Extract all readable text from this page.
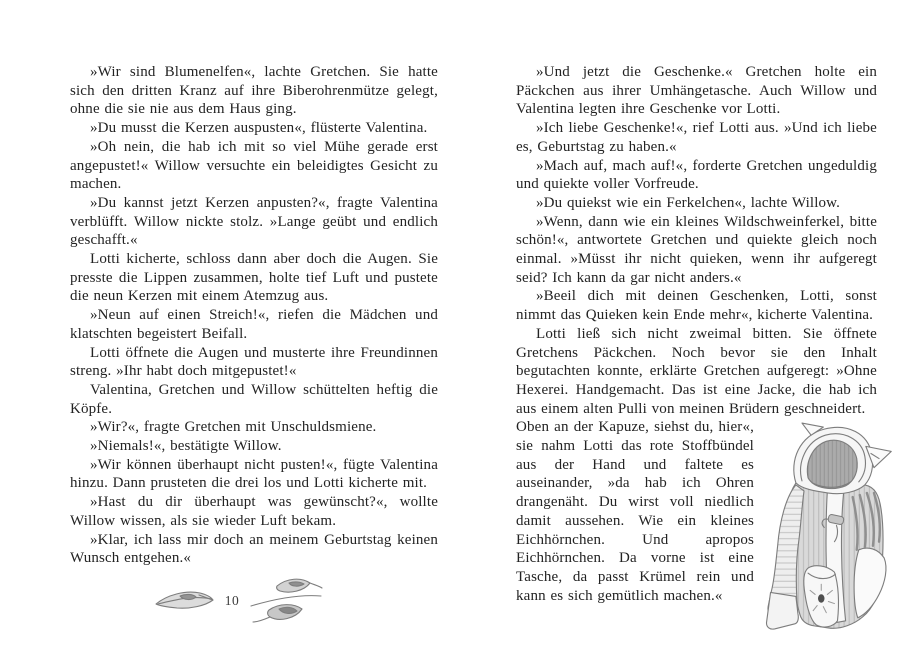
»Wir sind Blumenelfen«, lachte Gretchen. Sie hatte sich den dritten Kranz auf ihre Biberohrenmütze gelegt, ohne die sie nie aus dem Haus ging.

»Du musst die Kerzen auspusten«, flüsterte Valentina.

»Oh nein, die hab ich mit so viel Mühe gerade erst angepustet!« Willow versuchte ein beleidigtes Gesicht zu machen.

»Du kannst jetzt Kerzen anpusten?«, fragte Valentina verblüfft. Willow nickte stolz. »Lange geübt und endlich geschafft.«

Lotti kicherte, schloss dann aber doch die Augen. Sie presste die Lippen zusammen, holte tief Luft und pustete die neun Kerzen mit einem Atemzug aus.

»Neun auf einen Streich!«, riefen die Mädchen und klatschten begeistert Beifall.

Lotti öffnete die Augen und musterte ihre Freundinnen streng. »Ihr habt doch mitgepustet!«

Valentina, Gretchen und Willow schüttelten heftig die Köpfe.

»Wir?«, fragte Gretchen mit Unschuldsmiene.

»Niemals!«, bestätigte Willow.

»Wir können überhaupt nicht pusten!«, fügte Valentina hinzu. Dann prusteten die drei los und Lotti kicherte mit.

»Hast du dir überhaupt was gewünscht?«, wollte Willow wissen, als sie wieder Luft bekam.

»Klar, ich lass mir doch an meinem Geburtstag keinen Wunsch entgehen.«

10

»Und jetzt die Geschenke.« Gretchen holte ein Päckchen aus ihrer Umhängetasche. Auch Willow und Valentina legten ihre Geschenke vor Lotti.

»Ich liebe Geschenke!«, rief Lotti aus. »Und ich liebe es, Geburtstag zu haben.«

»Mach auf, mach auf!«, forderte Gretchen ungeduldig und quiekte voller Vorfreude.

»Du quiekst wie ein Ferkelchen«, lachte Willow.

»Wenn, dann wie ein kleines Wildschweinferkel, bitte schön!«, antwortete Gretchen und quiekte gleich noch einmal. »Müsst ihr nicht quieken, wenn ihr aufgeregt seid? Ich kann da gar nicht anders.«

»Beeil dich mit deinen Geschenken, Lotti, sonst nimmt das Quieken kein Ende mehr«, kicherte Valentina.

Lotti ließ sich nicht zweimal bitten. Sie öffnete Gretchens Päckchen. Noch bevor sie den Inhalt begutachten konnte, erklärte Gretchen aufgeregt: »Ohne Hexerei. Handgemacht. Das ist eine Jacke, die hab ich aus einem alten Pulli von meinen Brüdern geschneidert.

Oben an der Kapuze, siehst du, hier«, sie nahm Lotti das rote Stoffbündel aus der Hand und faltete es auseinander, »da hab ich Ohren drangenäht. Du wirst voll niedlich damit aussehen. Wie ein kleines Eichhörnchen. Und apropos Eichhörnchen. Da vorne ist eine Tasche, da passt Krümel rein und kann es sich gemütlich machen.«
